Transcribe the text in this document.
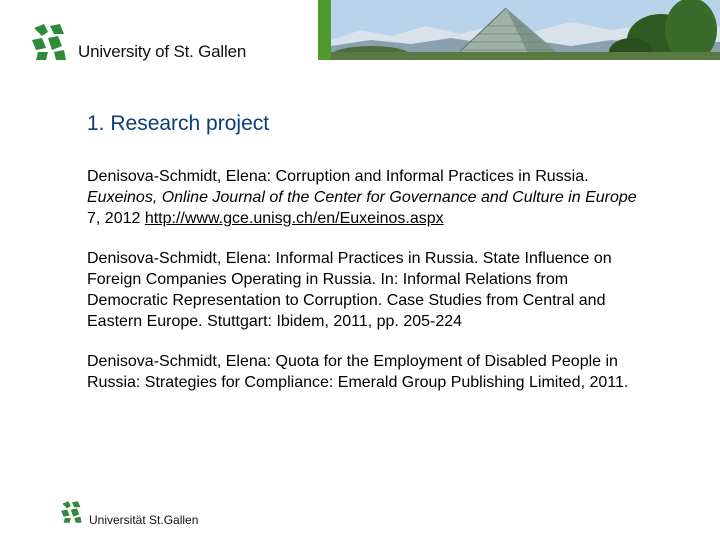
University of St. Gallen
1. Research project

Denisova-Schmidt, Elena: Corruption and Informal Practices in Russia.
Euxeinos, Online Journal of the Center for Governance and Culture in Europe
7, 2012 http://www.gce.unisg.ch/en/Euxeinos.aspx

Denisova-Schmidt, Elena: Informal Practices in Russia. State Influence on
Foreign Companies Operating in Russia. In: Informal Relations from
Democratic Representation to Corruption. Case Studies from Central and
Eastern Europe. Stuttgart: Ibidem, 2011, pp. 205-224

Denisova-Schmidt, Elena: Quota for the Employment of Disabled People in
Russia: Strategies for Compliance: Emerald Group Publishing Limited, 2011.

Universität St.Gallen
